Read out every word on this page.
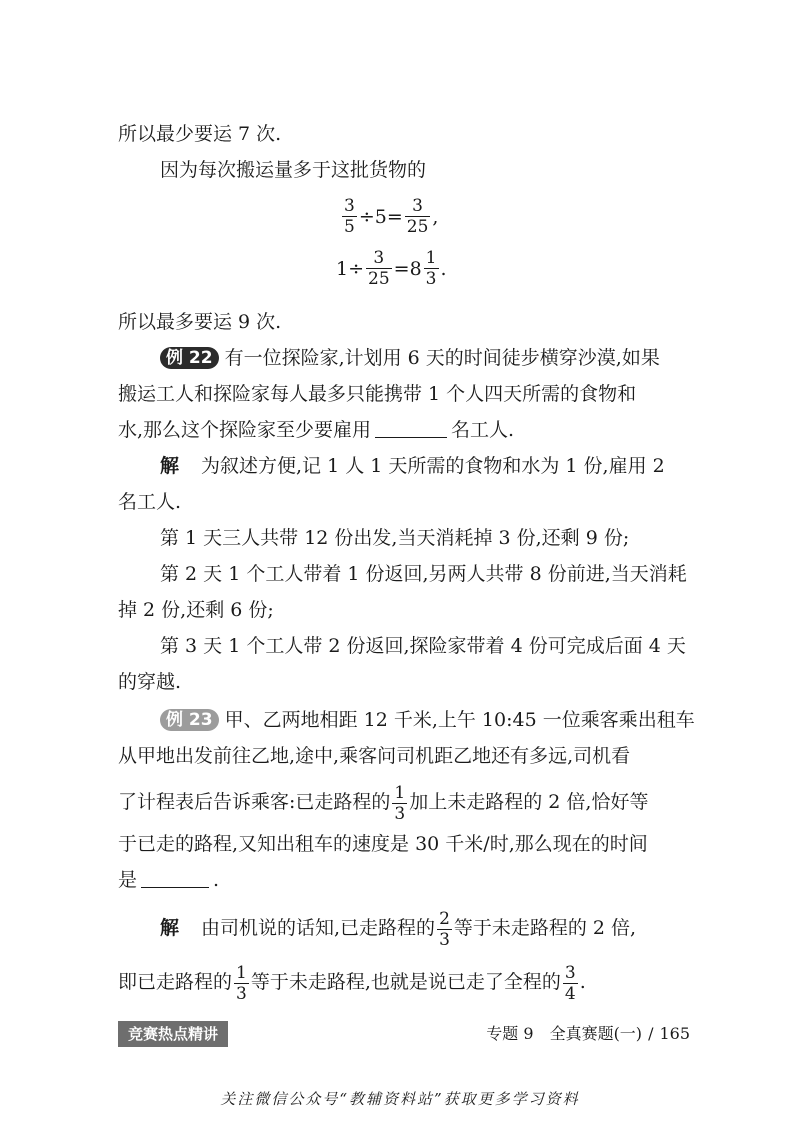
所以最少要运 7 次.
因为每次搬运量多于这批货物的
$\frac{3}{5} \div 5= \frac{3}{25}$ ,
$1\div \frac{3}{25} =8 \frac{1}{3}$ .
所以最多要运 9 次.
例 22 有一位探险家,计划用 6 天的时间徒步横穿沙漠,如果
搬运工人和探险家每人最多只能携带 1 个人四天所需的食物和
水,那么这个探险家至少要雇用	名工人.
解 为叙述方便,记 1 人 1 天所需的食物和水为 1 份,雇用 2
名工人.
第 1 天三人共带 12 份出发,当天消耗掉 3 份,还剩 9 份;
第 2 天 1 个工人带着 1 份返回,另两人共带 8 份前进,当天消耗
掉 2 份,还剩 6 份;
第 3 天 1 个工人带 2 份返回,探险家带着 4 份可完成后面 4 天
的穿越.
例 23 甲、乙两地相距 12 千米,上午 10:45 一位乘客乘出租车
从甲地出发前往乙地,途中,乘客问司机距乙地还有多远,司机看
了计程表后告诉乘客:已走路程的 $\frac{1}{3}$ 加上未走路程的 2 倍,恰好等
于已走的路程,又知出租车的速度是 30 千米/时,那么现在的时间
是	.
解 由司机说的话知,已走路程的 $\frac{2}{3}$ 等于未走路程的 2 倍,
即已走路程的 $\frac{1}{3}$ 等于未走路程,也就是说已走了全程的 $\frac{3}{4}$ .
竞赛热点精讲	专题 9　全真赛题(一) / 165
关注微信公众号“教辅资料站”获取更多学习资料
